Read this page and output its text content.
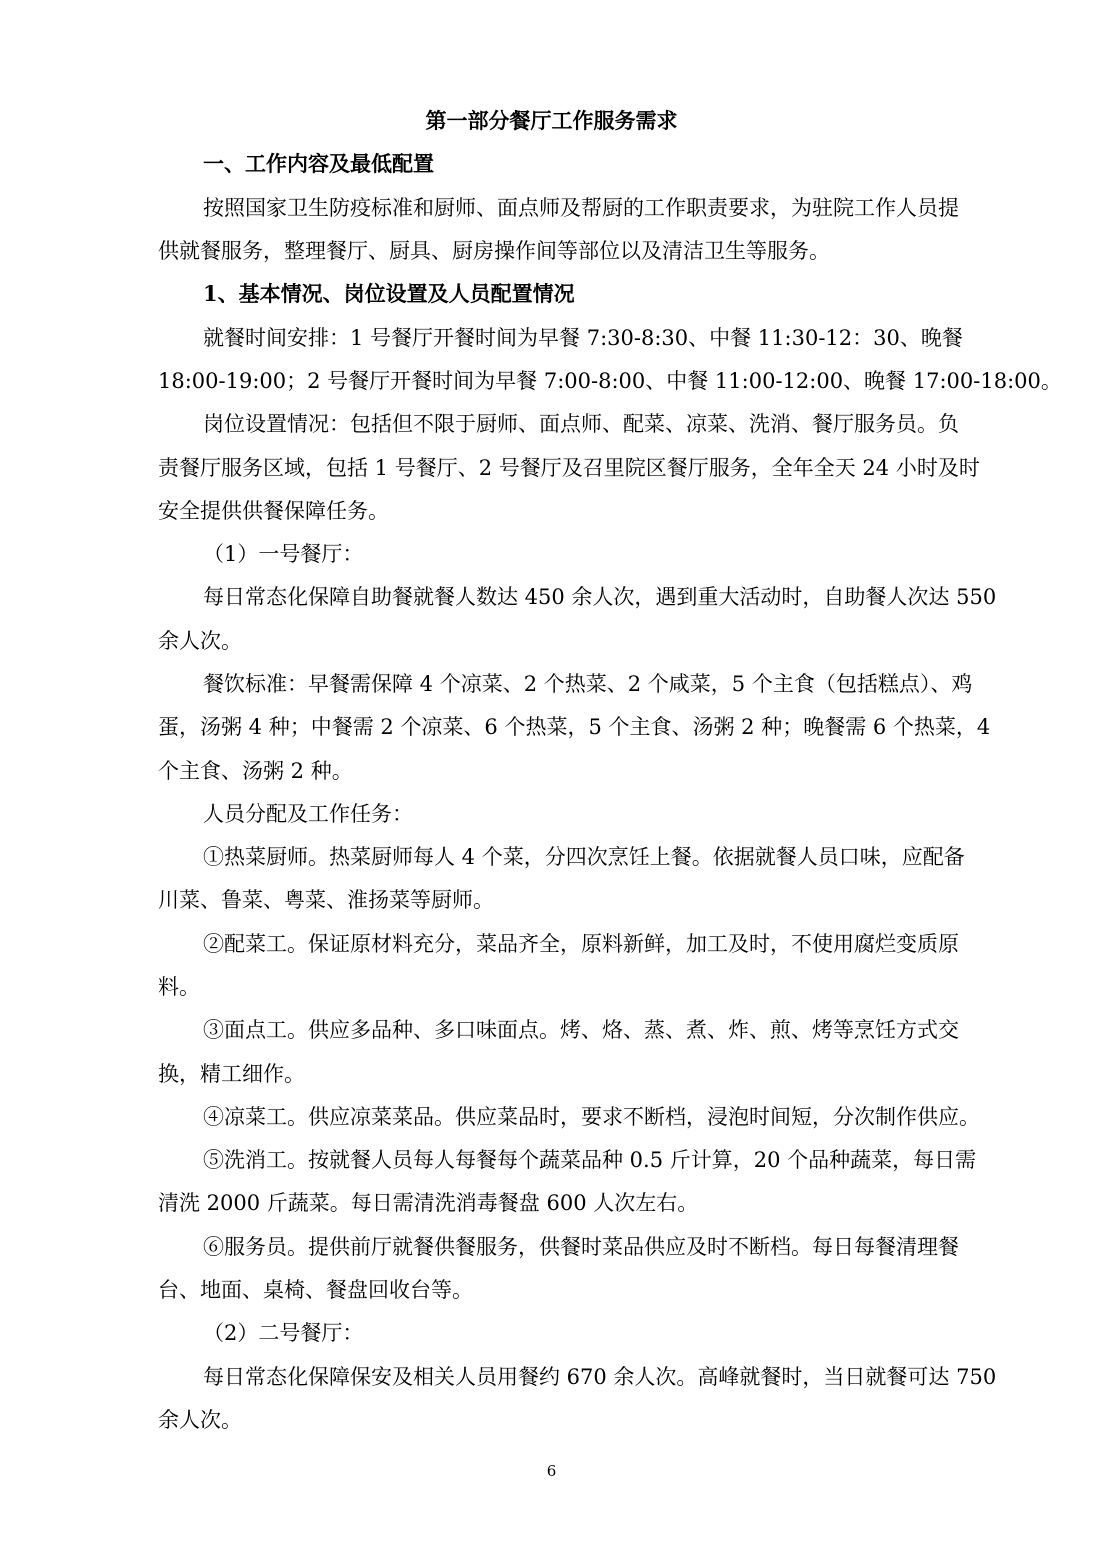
第一部分餐厅工作服务需求
一、工作内容及最低配置
按照国家卫生防疫标准和厨师、面点师及帮厨的工作职责要求，为驻院工作人员提
供就餐服务，整理餐厅、厨具、厨房操作间等部位以及清洁卫生等服务。
1、基本情况、岗位设置及人员配置情况
就餐时间安排：1 号餐厅开餐时间为早餐 7:30-8:30、中餐 11:30-12：30、晚餐
18:00-19:00；2 号餐厅开餐时间为早餐 7:00-8:00、中餐 11:00-12:00、晚餐 17:00-18:00。
岗位设置情况：包括但不限于厨师、面点师、配菜、凉菜、洗消、餐厅服务员。负
责餐厅服务区域，包括 1 号餐厅、2 号餐厅及召里院区餐厅服务，全年全天 24 小时及时
安全提供供餐保障任务。
（1）一号餐厅：
每日常态化保障自助餐就餐人数达 450 余人次，遇到重大活动时，自助餐人次达 550
余人次。
餐饮标准：早餐需保障 4 个凉菜、2 个热菜、2 个咸菜，5 个主食（包括糕点）、鸡
蛋，汤粥 4 种；中餐需 2 个凉菜、6 个热菜，5 个主食、汤粥 2 种；晚餐需 6 个热菜，4
个主食、汤粥 2 种。
人员分配及工作任务：
①热菜厨师。热菜厨师每人 4 个菜，分四次烹饪上餐。依据就餐人员口味，应配备
川菜、鲁菜、粤菜、淮扬菜等厨师。
②配菜工。保证原材料充分，菜品齐全，原料新鲜，加工及时，不使用腐烂变质原
料。
③面点工。供应多品种、多口味面点。烤、烙、蒸、煮、炸、煎、烤等烹饪方式交
换，精工细作。
④凉菜工。供应凉菜菜品。供应菜品时，要求不断档，浸泡时间短，分次制作供应。
⑤洗消工。按就餐人员每人每餐每个蔬菜品种 0.5 斤计算，20 个品种蔬菜，每日需
清洗 2000 斤蔬菜。每日需清洗消毒餐盘 600 人次左右。
⑥服务员。提供前厅就餐供餐服务，供餐时菜品供应及时不断档。每日每餐清理餐
台、地面、桌椅、餐盘回收台等。
（2）二号餐厅：
每日常态化保障保安及相关人员用餐约 670 余人次。高峰就餐时，当日就餐可达 750
余人次。
6
